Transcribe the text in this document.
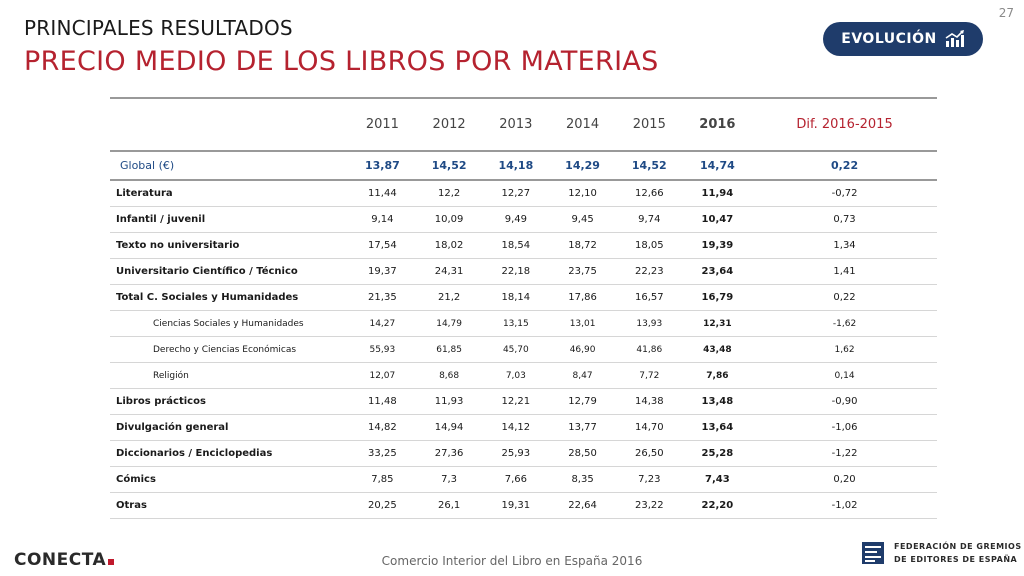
27
PRINCIPALES RESULTADOS
PRECIO MEDIO DE LOS LIBROS POR MATERIAS
EVOLUCIÓN
	2011	2012	2013	2014	2015	2016	Dif. 2016-2015
Global (€)	13,87	14,52	14,18	14,29	14,52	14,74	0,22
Literatura	11,44	12,2	12,27	12,10	12,66	11,94	-0,72
Infantil / juvenil	9,14	10,09	9,49	9,45	9,74	10,47	0,73
Texto no universitario	17,54	18,02	18,54	18,72	18,05	19,39	1,34
Universitario Científico / Técnico	19,37	24,31	22,18	23,75	22,23	23,64	1,41
Total C. Sociales y Humanidades	21,35	21,2	18,14	17,86	16,57	16,79	0,22
Ciencias Sociales y Humanidades	14,27	14,79	13,15	13,01	13,93	12,31	-1,62
Derecho y Ciencias Económicas	55,93	61,85	45,70	46,90	41,86	43,48	1,62
Religión	12,07	8,68	7,03	8,47	7,72	7,86	0,14
Libros prácticos	11,48	11,93	12,21	12,79	14,38	13,48	-0,90
Divulgación general	14,82	14,94	14,12	13,77	14,70	13,64	-1,06
Diccionarios / Enciclopedias	33,25	27,36	25,93	28,50	26,50	25,28	-1,22
Cómics	7,85	7,3	7,66	8,35	7,23	7,43	0,20
Otras	20,25	26,1	19,31	22,64	23,22	22,20	-1,02
CONECTA	Comercio Interior del Libro en España 2016
FEDERACIÓN DE GREMIOS
DE EDITORES DE ESPAÑA
